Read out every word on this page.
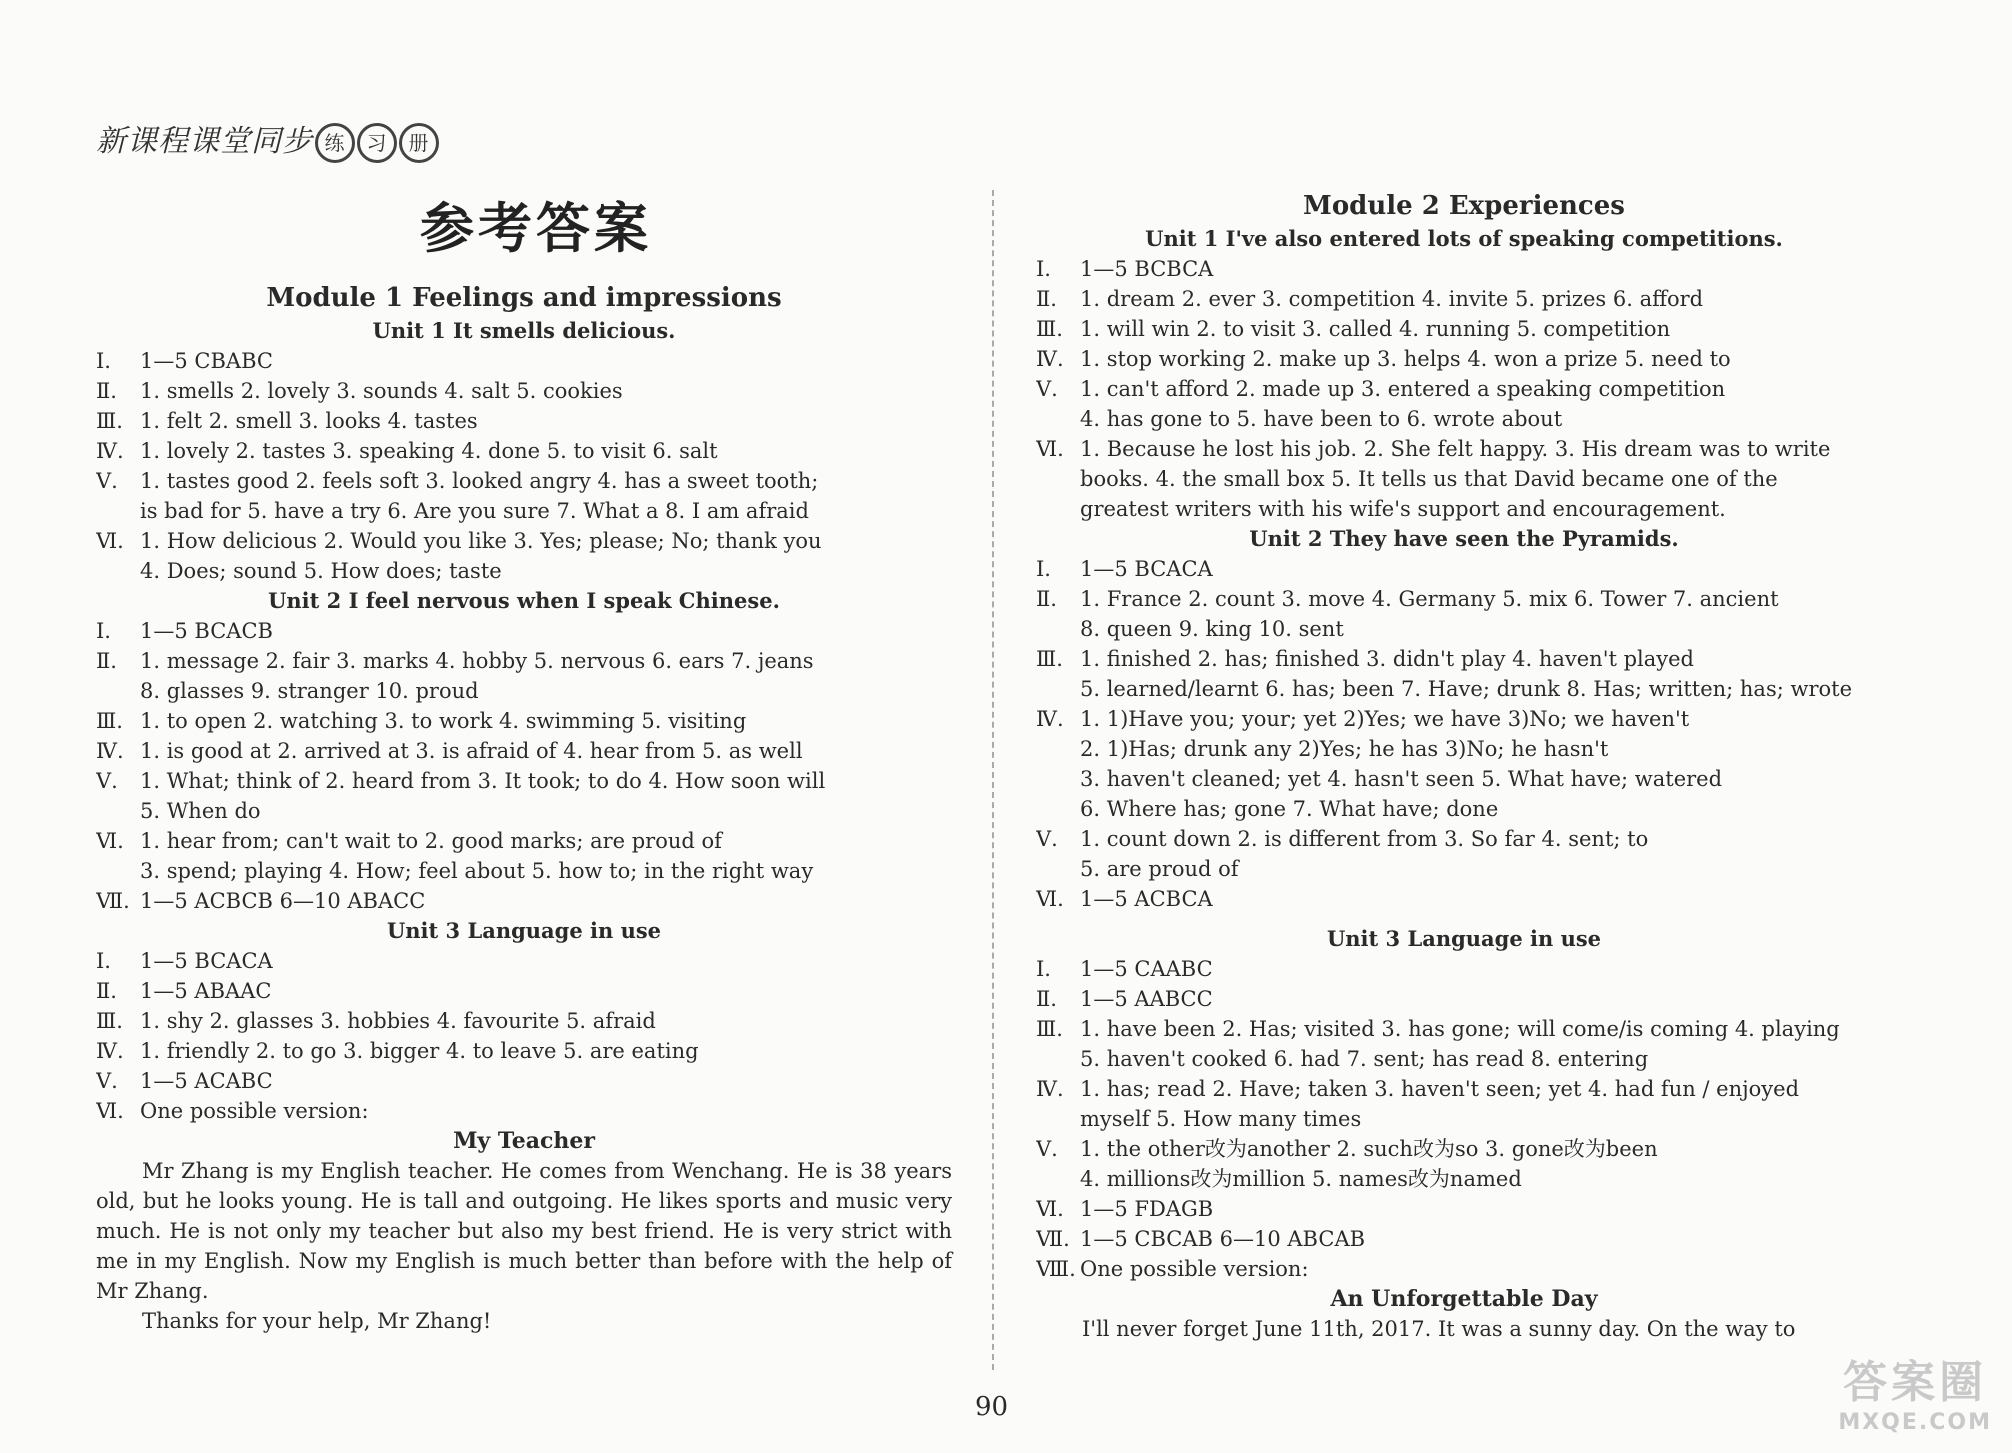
新课程课堂同步 练 习 册
参考答案
Module 1 Feelings and impressions
Unit 1 It smells delicious.
Ⅰ. 1—5 CBABC
Ⅱ. 1. smells 2. lovely 3. sounds 4. salt 5. cookies
Ⅲ. 1. felt 2. smell 3. looks 4. tastes
Ⅳ. 1. lovely 2. tastes 3. speaking 4. done 5. to visit 6. salt
Ⅴ. 1. tastes good 2. feels soft 3. looked angry 4. has a sweet tooth;
is bad for 5. have a try 6. Are you sure 7. What a 8. I am afraid
Ⅵ. 1. How delicious 2. Would you like 3. Yes; please; No; thank you
4. Does; sound 5. How does; taste
Unit 2 I feel nervous when I speak Chinese.
Ⅰ. 1—5 BCACB
Ⅱ. 1. message 2. fair 3. marks 4. hobby 5. nervous 6. ears 7. jeans
8. glasses 9. stranger 10. proud
Ⅲ. 1. to open 2. watching 3. to work 4. swimming 5. visiting
Ⅳ. 1. is good at 2. arrived at 3. is afraid of 4. hear from 5. as well
Ⅴ. 1. What; think of 2. heard from 3. It took; to do 4. How soon will
5. When do
Ⅵ. 1. hear from; can't wait to 2. good marks; are proud of
3. spend; playing 4. How; feel about 5. how to; in the right way
Ⅶ. 1—5 ACBCB 6—10 ABACC
Unit 3 Language in use
Ⅰ. 1—5 BCACA
Ⅱ. 1—5 ABAAC
Ⅲ. 1. shy 2. glasses 3. hobbies 4. favourite 5. afraid
Ⅳ. 1. friendly 2. to go 3. bigger 4. to leave 5. are eating
Ⅴ. 1—5 ACABC
Ⅵ. One possible version:
My Teacher
Mr Zhang is my English teacher. He comes from Wenchang. He is 38 years old, but he looks young. He is tall and outgoing. He likes sports and music very much. He is not only my teacher but also my best friend. He is very strict with me in my English. Now my English is much better than before with the help of Mr Zhang.
Thanks for your help, Mr Zhang!
Module 2 Experiences
Unit 1 I've also entered lots of speaking competitions.
Ⅰ. 1—5 BCBCA
Ⅱ. 1. dream 2. ever 3. competition 4. invite 5. prizes 6. afford
Ⅲ. 1. will win 2. to visit 3. called 4. running 5. competition
Ⅳ. 1. stop working 2. make up 3. helps 4. won a prize 5. need to
Ⅴ. 1. can't afford 2. made up 3. entered a speaking competition
4. has gone to 5. have been to 6. wrote about
Ⅵ. 1. Because he lost his job. 2. She felt happy. 3. His dream was to write
books. 4. the small box 5. It tells us that David became one of the
greatest writers with his wife's support and encouragement.
Unit 2 They have seen the Pyramids.
Ⅰ. 1—5 BCACA
Ⅱ. 1. France 2. count 3. move 4. Germany 5. mix 6. Tower 7. ancient
8. queen 9. king 10. sent
Ⅲ. 1. finished 2. has; finished 3. didn't play 4. haven't played
5. learned/learnt 6. has; been 7. Have; drunk 8. Has; written; has; wrote
Ⅳ. 1. 1)Have you; your; yet 2)Yes; we have 3)No; we haven't
2. 1)Has; drunk any 2)Yes; he has 3)No; he hasn't
3. haven't cleaned; yet 4. hasn't seen 5. What have; watered
6. Where has; gone 7. What have; done
Ⅴ. 1. count down 2. is different from 3. So far 4. sent; to
5. are proud of
Ⅵ. 1—5 ACBCA
Unit 3 Language in use
Ⅰ. 1—5 CAABC
Ⅱ. 1—5 AABCC
Ⅲ. 1. have been 2. Has; visited 3. has gone; will come/is coming 4. playing
5. haven't cooked 6. had 7. sent; has read 8. entering
Ⅳ. 1. has; read 2. Have; taken 3. haven't seen; yet 4. had fun / enjoyed
myself 5. How many times
Ⅴ. 1. the other改为another 2. such改为so 3. gone改为been
4. millions改为million 5. names改为named
Ⅵ. 1—5 FDAGB
Ⅶ. 1—5 CBCAB 6—10 ABCAB
Ⅷ. One possible version:
An Unforgettable Day
I'll never forget June 11th, 2017. It was a sunny day. On the way to
90	答案圈
MXQE.COM
